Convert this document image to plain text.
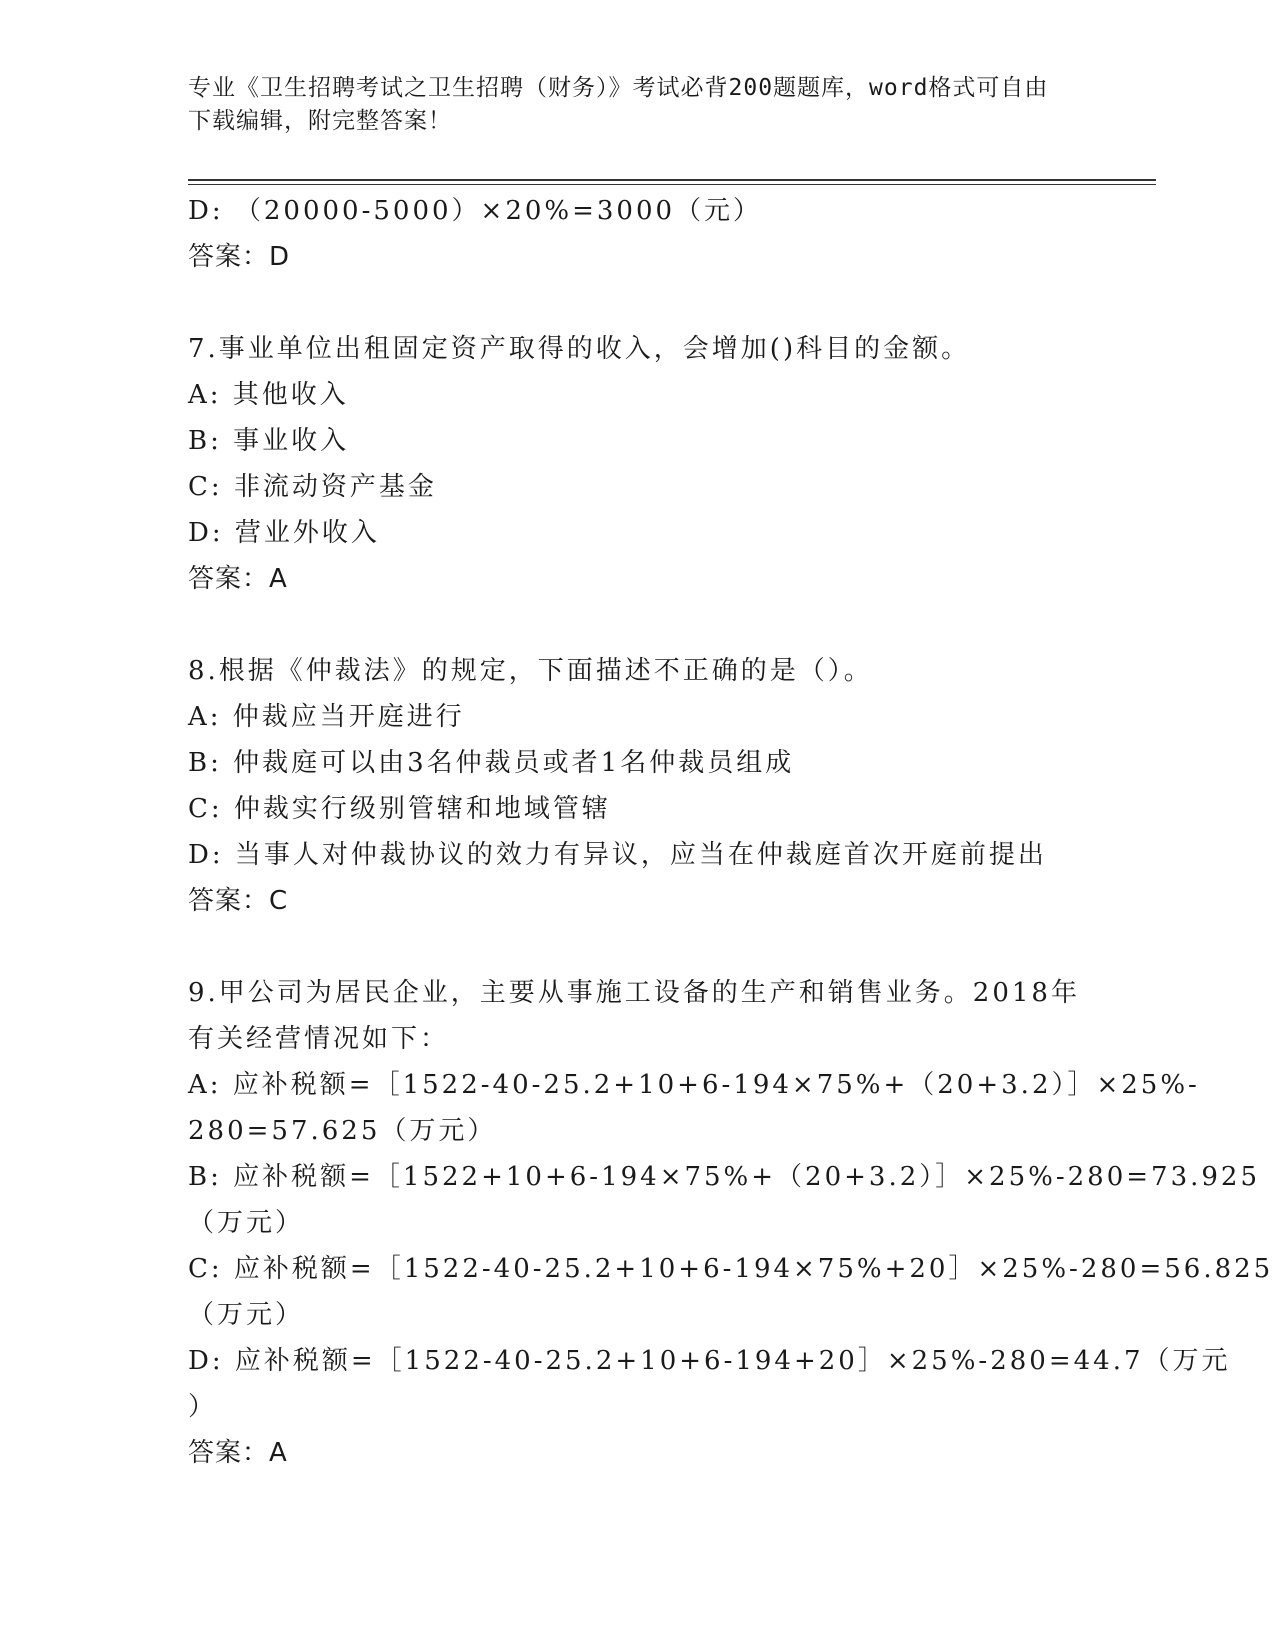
专业《卫生招聘考试之卫生招聘（财务）》考试必背200题题库，word格式可自由下载编辑，附完整答案！
D: （20000-5000）×20%=3000（元）
答案：D
7.事业单位出租固定资产取得的收入，会增加()科目的金额。
A: 其他收入
B: 事业收入
C: 非流动资产基金
D: 营业外收入
答案：A
8.根据《仲裁法》的规定，下面描述不正确的是（）。
A: 仲裁应当开庭进行
B: 仲裁庭可以由3名仲裁员或者1名仲裁员组成
C: 仲裁实行级别管辖和地域管辖
D: 当事人对仲裁协议的效力有异议，应当在仲裁庭首次开庭前提出
答案：C
9.甲公司为居民企业，主要从事施工设备的生产和销售业务。2018年
有关经营情况如下：
A: 应补税额=［1522-40-25.2+10+6-194×75%+（20+3.2）］×25%-
280=57.625（万元）
B: 应补税额=［1522+10+6-194×75%+（20+3.2）］×25%-280=73.925
（万元）
C: 应补税额=［1522-40-25.2+10+6-194×75%+20］×25%-280=56.825
（万元）
D: 应补税额=［1522-40-25.2+10+6-194+20］×25%-280=44.7（万元
）
答案：A
